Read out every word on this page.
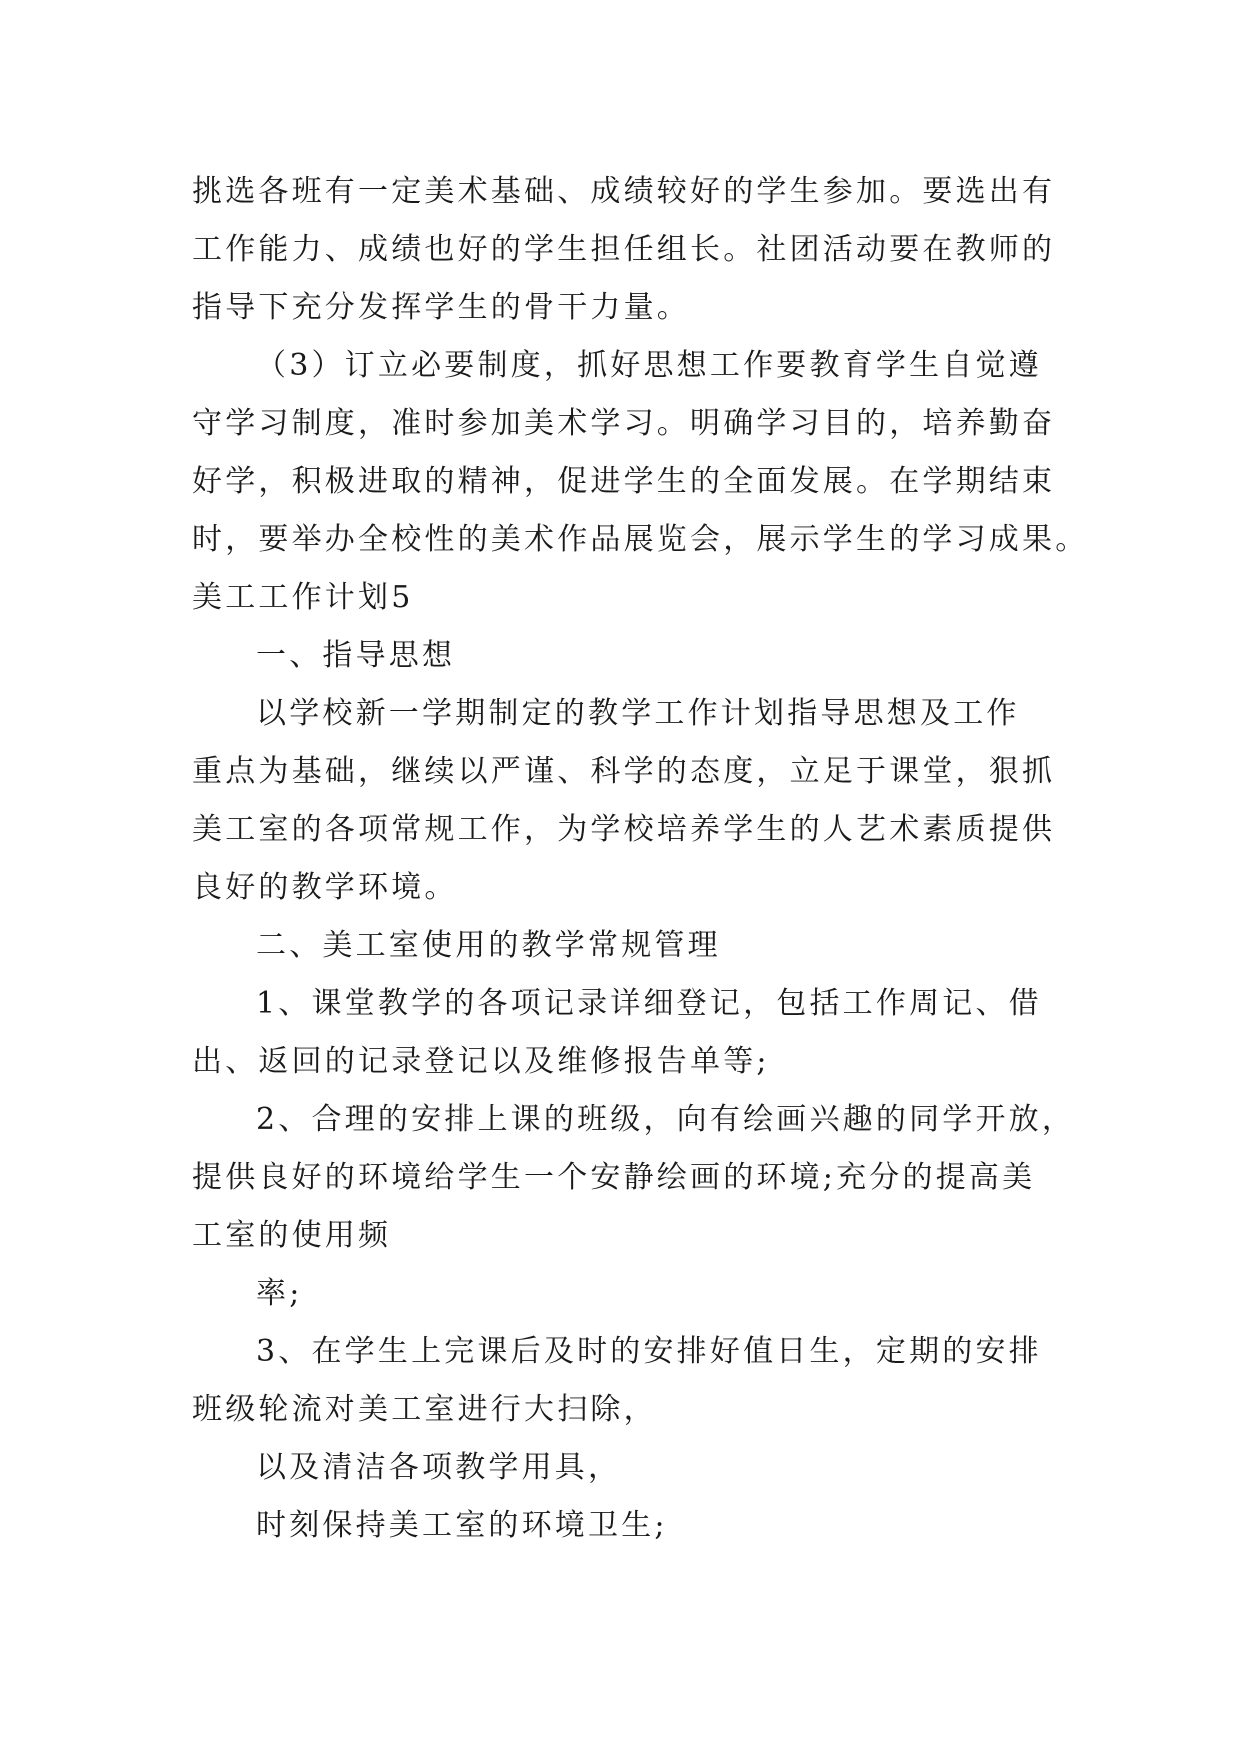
挑选各班有一定美术基础、成绩较好的学生参加。要选出有
工作能力、成绩也好的学生担任组长。社团活动要在教师的
指导下充分发挥学生的骨干力量。
（3）订立必要制度，抓好思想工作要教育学生自觉遵
守学习制度，准时参加美术学习。明确学习目的，培养勤奋
好学，积极进取的精神，促进学生的全面发展。在学期结束
时，要举办全校性的美术作品展览会，展示学生的学习成果。
美工工作计划5
一、指导思想
以学校新一学期制定的教学工作计划指导思想及工作
重点为基础，继续以严谨、科学的态度，立足于课堂，狠抓
美工室的各项常规工作，为学校培养学生的人艺术素质提供
良好的教学环境。
二、美工室使用的教学常规管理
1、课堂教学的各项记录详细登记，包括工作周记、借
出、返回的记录登记以及维修报告单等;
2、合理的安排上课的班级，向有绘画兴趣的同学开放，
提供良好的环境给学生一个安静绘画的环境;充分的提高美
工室的使用频
率;
3、在学生上完课后及时的安排好值日生，定期的安排
班级轮流对美工室进行大扫除，
以及清洁各项教学用具，
时刻保持美工室的环境卫生;
